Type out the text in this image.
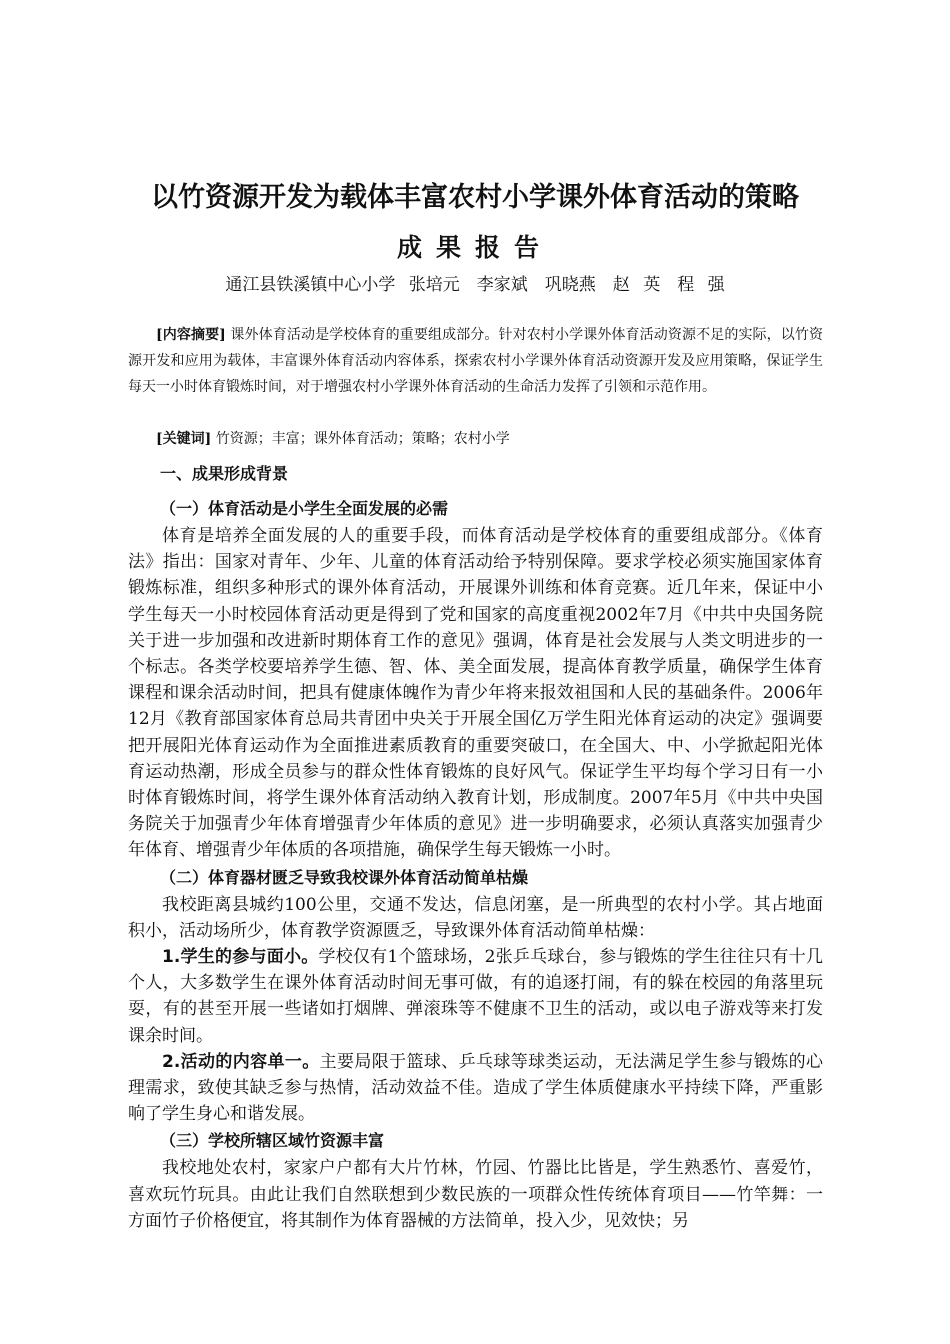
以竹资源开发为载体丰富农村小学课外体育活动的策略
成果报告
通江县铁溪镇中心小学 张培元　李家斌　巩晓燕　赵 英　程 强

[内容摘要] 课外体育活动是学校体育的重要组成部分。针对农村小学课外体育活动资源不足的实际，以竹资源开发和应用为载体，丰富课外体育活动内容体系，探索农村小学课外体育活动资源开发及应用策略，保证学生每天一小时体育锻炼时间，对于增强农村小学课外体育活动的生命活力发挥了引领和示范作用。

[关键词] 竹资源；丰富；课外体育活动；策略；农村小学

一、成果形成背景
（一）体育活动是小学生全面发展的必需

体育是培养全面发展的人的重要手段，而体育活动是学校体育的重要组成部分。《体育法》指出：国家对青年、少年、儿童的体育活动给予特别保障。要求学校必须实施国家体育锻炼标准，组织多种形式的课外体育活动，开展课外训练和体育竞赛。近几年来，保证中小学生每天一小时校园体育活动更是得到了党和国家的高度重视2002年7月《中共中央国务院关于进一步加强和改进新时期体育工作的意见》强调，体育是社会发展与人类文明进步的一个标志。各类学校要培养学生德、智、体、美全面发展，提高体育教学质量，确保学生体育课程和课余活动时间，把具有健康体魄作为青少年将来报效祖国和人民的基础条件。2006年12月《教育部国家体育总局共青团中央关于开展全国亿万学生阳光体育运动的决定》强调要把开展阳光体育运动作为全面推进素质教育的重要突破口，在全国大、中、小学掀起阳光体育运动热潮，形成全员参与的群众性体育锻炼的良好风气。保证学生平均每个学习日有一小时体育锻炼时间，将学生课外体育活动纳入教育计划，形成制度。2007年5月《中共中央国务院关于加强青少年体育增强青少年体质的意见》进一步明确要求，必须认真落实加强青少年体育、增强青少年体质的各项措施，确保学生每天锻炼一小时。

（二）体育器材匮乏导致我校课外体育活动简单枯燥

我校距离县城约100公里，交通不发达，信息闭塞，是一所典型的农村小学。其占地面积小，活动场所少，体育教学资源匮乏，导致课外体育活动简单枯燥：

1.学生的参与面小。学校仅有1个篮球场，2张乒乓球台，参与锻炼的学生往往只有十几个人，大多数学生在课外体育活动时间无事可做，有的追逐打闹，有的躲在校园的角落里玩耍，有的甚至开展一些诸如打烟牌、弹滚珠等不健康不卫生的活动，或以电子游戏等来打发课余时间。

2.活动的内容单一。主要局限于篮球、乒乓球等球类运动，无法满足学生参与锻炼的心理需求，致使其缺乏参与热情，活动效益不佳。造成了学生体质健康水平持续下降，严重影响了学生身心和谐发展。

（三）学校所辖区域竹资源丰富

我校地处农村，家家户户都有大片竹林，竹园、竹器比比皆是，学生熟悉竹、喜爱竹，喜欢玩竹玩具。由此让我们自然联想到少数民族的一项群众性传统体育项目——竹竿舞：一方面竹子价格便宜，将其制作为体育器械的方法简单，投入少，见效快；另
